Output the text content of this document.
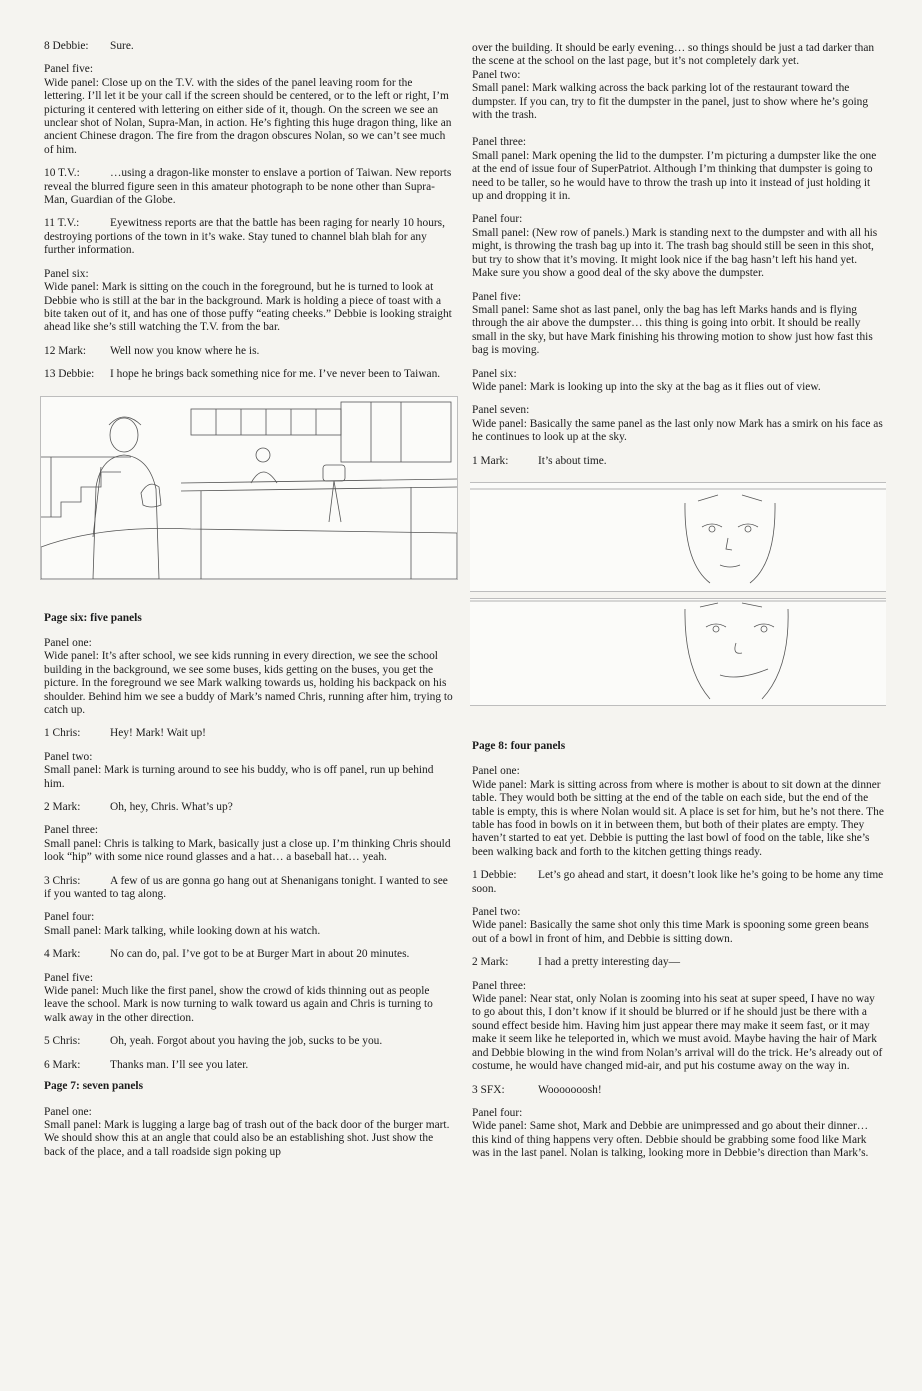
8 Debbie: Sure.
Panel five:
Wide panel: Close up on the T.V. with the sides of the panel leaving room for the lettering. I’ll let it be your call if the screen should be centered, or to the left or right, I’m picturing it centered with lettering on either side of it, though. On the screen we see an unclear shot of Nolan, Supra-Man, in action. He’s fighting this huge dragon thing, like an ancient Chinese dragon. The fire from the dragon obscures Nolan, so we can’t see much of him.
10 T.V.:	…using a dragon-like monster to enslave a portion of Taiwan. New reports reveal the blurred figure seen in this amateur photograph to be none other than Supra-Man, Guardian of the Globe.
11 T.V.:	Eyewitness reports are that the battle has been raging for nearly 10 hours, destroying portions of the town in it’s wake. Stay tuned to channel blah blah for any further information.
Panel six:
Wide panel: Mark is sitting on the couch in the foreground, but he is turned to look at Debbie who is still at the bar in the background. Mark is holding a piece of toast with a bite taken out of it, and has one of those puffy “eating cheeks.” Debbie is looking straight ahead like she’s still watching the T.V. from the bar.
12 Mark: Well now you know where he is.
13 Debbie: I hope he brings back something nice for me. I’ve never been to Taiwan.
Page six: five panels
Panel one:
Wide panel: It’s after school, we see kids running in every direction, we see the school building in the background, we see some buses, kids getting on the buses, you get the picture. In the foreground we see Mark walking towards us, holding his backpack on his shoulder. Behind him we see a buddy of Mark’s named Chris, running after him, trying to catch up.
1 Chris:	Hey! Mark! Wait up!
Panel two:
Small panel: Mark is turning around to see his buddy, who is off panel, run up behind him.
2 Mark:	Oh, hey, Chris. What’s up?
Panel three:
Small panel: Chris is talking to Mark, basically just a close up. I’m thinking Chris should look “hip” with some nice round glasses and a hat… a baseball hat… yeah.
3 Chris:	A few of us are gonna go hang out at Shenanigans tonight. I wanted to see if you wanted to tag along.
Panel four:
Small panel: Mark talking, while looking down at his watch.
4 Mark:	No can do, pal. I’ve got to be at Burger Mart in about 20 minutes.
Panel five:
Wide panel: Much like the first panel, show the crowd of kids thinning out as people leave the school. Mark is now turning to walk toward us again and Chris is turning to walk away in the other direction.
5 Chris:	Oh, yeah. Forgot about you having the job, sucks to be you.
6 Mark:	Thanks man. I’ll see you later.
Page 7: seven panels
Panel one:
Small panel: Mark is lugging a large bag of trash out of the back door of the burger mart. We should show this at an angle that could also be an establishing shot. Just show the back of the place, and a tall roadside sign poking up
over the building. It should be early evening… so things should be just a tad darker than the scene at the school on the last page, but it’s not completely dark yet.
Panel two:
Small panel: Mark walking across the back parking lot of the restaurant toward the dumpster. If you can, try to fit the dumpster in the panel, just to show where he’s going with the trash.
Panel three:
Small panel: Mark opening the lid to the dumpster. I’m picturing a dumpster like the one at the end of issue four of SuperPatriot. Although I’m thinking that dumpster is going to need to be taller, so he would have to throw the trash up into it instead of just holding it up and dropping it in.
Panel four:
Small panel: (New row of panels.) Mark is standing next to the dumpster and with all his might, is throwing the trash bag up into it. The trash bag should still be seen in this shot, but try to show that it’s moving. It might look nice if the bag hasn’t left his hand yet. Make sure you show a good deal of the sky above the dumpster.
Panel five:
Small panel: Same shot as last panel, only the bag has left Marks hands and is flying through the air above the dumpster… this thing is going into orbit. It should be really small in the sky, but have Mark finishing his throwing motion to show just how fast this bag is moving.
Panel six:
Wide panel: Mark is looking up into the sky at the bag as it flies out of view.
Panel seven:
Wide panel: Basically the same panel as the last only now Mark has a smirk on his face as he continues to look up at the sky.
1 Mark:	It’s about time.
Page 8: four panels
Panel one:
Wide panel: Mark is sitting across from where is mother is about to sit down at the dinner table. They would both be sitting at the end of the table on each side, but the end of the table is empty, this is where Nolan would sit. A place is set for him, but he’s not there. The table has food in bowls on it in between them, but both of their plates are empty. They haven’t started to eat yet. Debbie is putting the last bowl of food on the table, like she’s been walking back and forth to the kitchen getting things ready.
1 Debbie: Let’s go ahead and start, it doesn’t look like he’s going to be home any time soon.
Panel two:
Wide panel: Basically the same shot only this time Mark is spooning some green beans out of a bowl in front of him, and Debbie is sitting down.
2 Mark:	I had a pretty interesting day—
Panel three:
Wide panel: Near stat, only Nolan is zooming into his seat at super speed, I have no way to go about this, I don’t know if it should be blurred or if he should just be there with a sound effect beside him. Having him just appear there may make it seem fast, or it may make it seem like he teleported in, which we must avoid. Maybe having the hair of Mark and Debbie blowing in the wind from Nolan’s arrival will do the trick. He’s already out of costume, he would have changed mid-air, and put his costume away on the way in.
3 SFX:	Wooooooosh!
Panel four:
Wide panel: Same shot, Mark and Debbie are unimpressed and go about their dinner… this kind of thing happens very often. Debbie should be grabbing some food like Mark was in the last panel. Nolan is talking, looking more in Debbie’s direction than Mark’s.
